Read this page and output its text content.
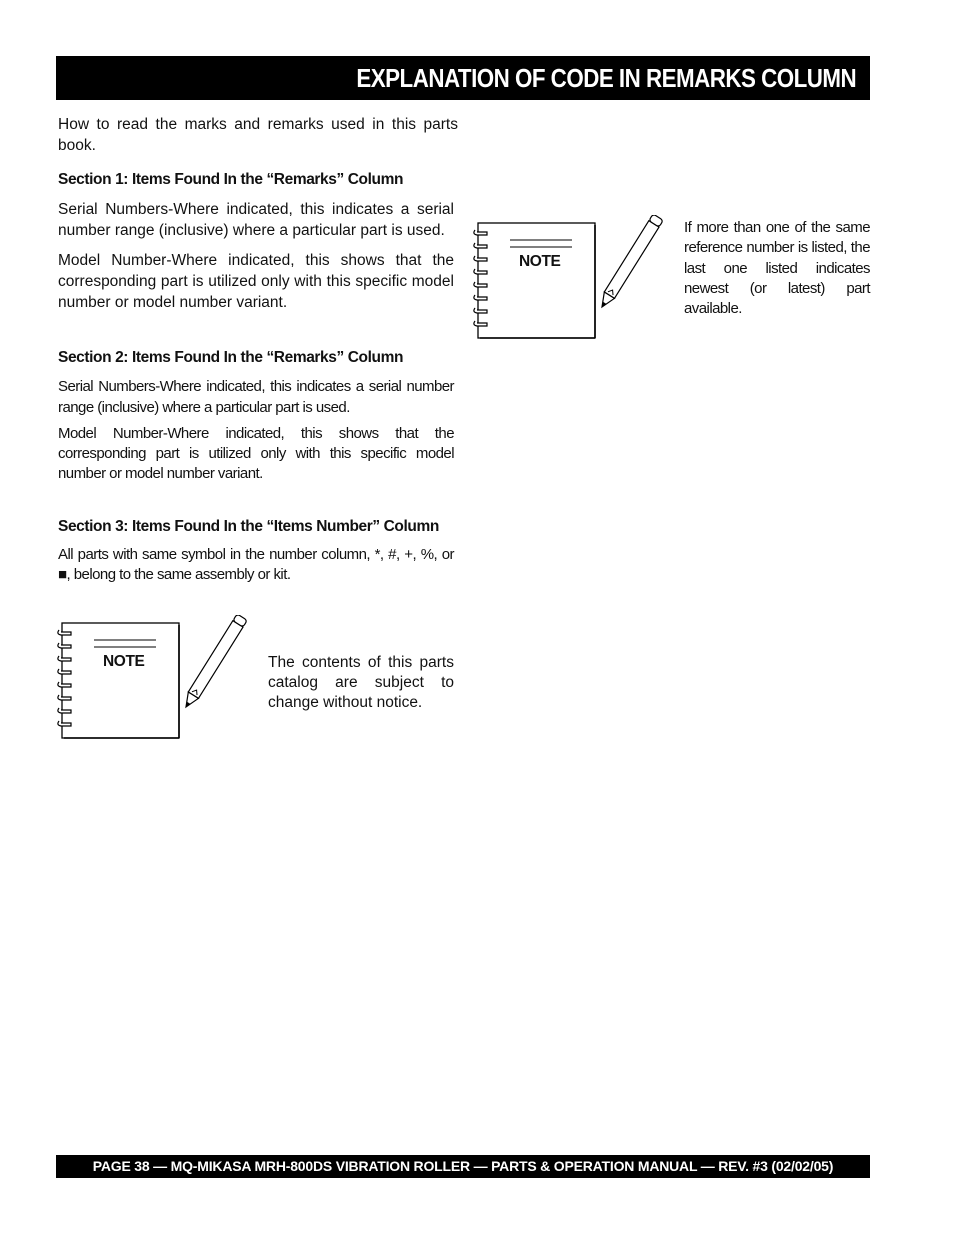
EXPLANATION OF CODE IN REMARKS COLUMN
How to read the marks and remarks used in this parts book.
Section 1: Items Found In the “Remarks” Column
Serial Numbers-Where indicated, this indicates a serial number range (inclusive) where a particular part is used.
Model Number-Where indicated, this shows that the corresponding part is utilized only with this specific model number or model number variant.
Section 2: Items Found In the “Remarks” Column
Serial Numbers-Where indicated, this indicates a serial number range (inclusive) where a particular part is used.
Model Number-Where indicated, this shows that the corresponding part is utilized only with this specific model number or model number variant.
Section 3: Items Found In the “Items Number” Column
All parts with same symbol in the number column, *, #, +, %, or ■, belong to the same assembly or kit.
NOTE
If more than one of the same reference number is listed, the last one listed indicates newest (or latest) part available.
NOTE	The contents of this parts catalog are subject to change without notice.
PAGE 38 — MQ-MIKASA MRH-800DS VIBRATION ROLLER — PARTS & OPERATION MANUAL — REV. #3 (02/02/05)
